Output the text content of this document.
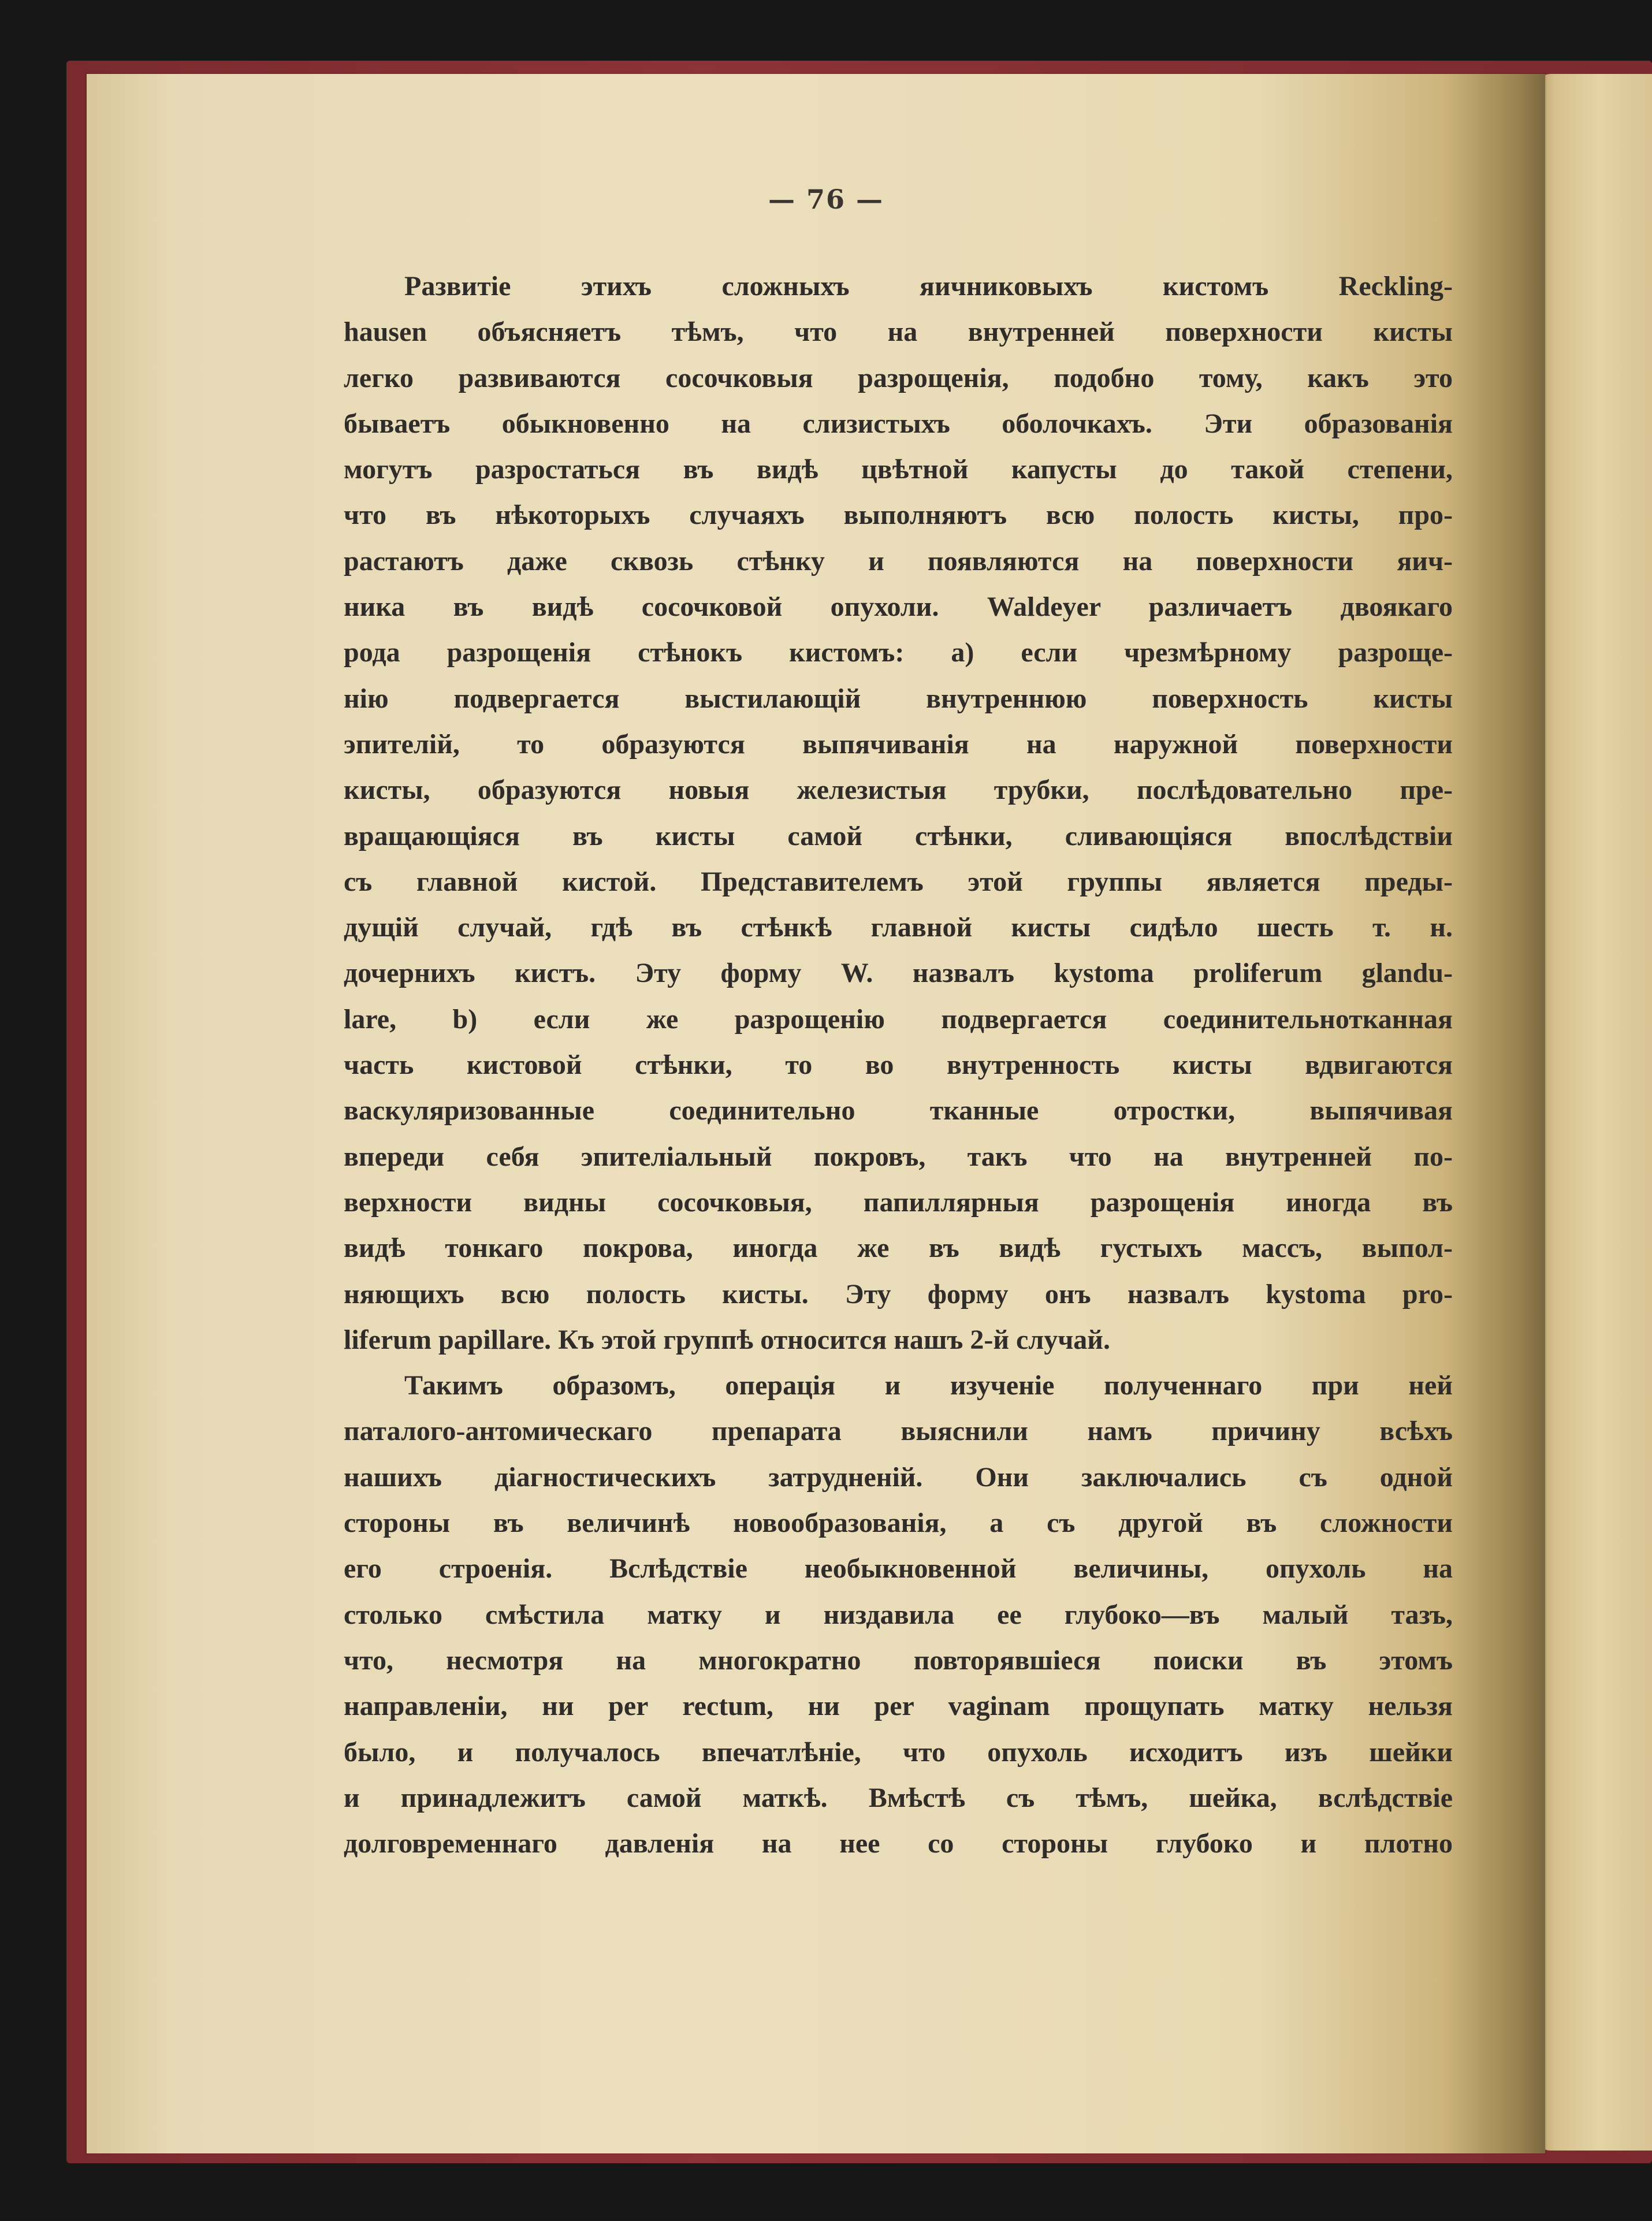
— 76 —
Развитіе этихъ сложныхъ яичниковыхъ кистомъ Reckling-
hausen объясняетъ тѣмъ, что на внутренней поверхности кисты
легко развиваются сосочковыя разрощенія, подобно тому, какъ это
бываетъ обыкновенно на слизистыхъ оболочкахъ. Эти образованія
могутъ разростаться въ видѣ цвѣтной капусты до такой степени,
что въ нѣкоторыхъ случаяхъ выполняютъ всю полость кисты, про-
растаютъ даже сквозь стѣнку и появляются на поверхности яич-
ника въ видѣ сосочковой опухоли. Waldeyer различаетъ двоякаго
рода разрощенія стѣнокъ кистомъ: а) если чрезмѣрному разроще-
нію подвергается выстилающій внутреннюю поверхность кисты
эпителій, то образуются выпячиванія на наружной поверхности
кисты, образуются новыя железистыя трубки, послѣдовательно пре-
вращающіяся въ кисты самой стѣнки, сливающіяся впослѣдствіи
съ главной кистой. Представителемъ этой группы является преды-
дущій случай, гдѣ въ стѣнкѣ главной кисты сидѣло шесть т. н.
дочернихъ кистъ. Эту форму W. назвалъ kystoma proliferum glandu-
lare, b) если же разрощенію подвергается соединительнотканная
часть кистовой стѣнки, то во внутренность кисты вдвигаются
васкуляризованные соединительно тканные отростки, выпячивая
впереди себя эпителіальный покровъ, такъ что на внутренней по-
верхности видны сосочковыя, папиллярныя разрощенія иногда въ
видѣ тонкаго покрова, иногда же въ видѣ густыхъ массъ, выпол-
няющихъ всю полость кисты. Эту форму онъ назвалъ kystoma pro-
liferum papillare. Къ этой группѣ относится нашъ 2-й случай.
Такимъ образомъ, операція и изученіе полученнаго при ней
паталого-антомическаго препарата выяснили намъ причину всѣхъ
нашихъ діагностическихъ затрудненій. Они заключались съ одной
стороны въ величинѣ новообразованія, а съ другой въ сложности
его строенія. Вслѣдствіе необыкновенной величины, опухоль на
столько смѣстила матку и низдавила ее глубоко—въ малый тазъ,
что, несмотря на многократно повторявшіеся поиски въ этомъ
направленіи, ни per rectum, ни per vaginam прощупать матку нельзя
было, и получалось впечатлѣніе, что опухоль исходитъ изъ шейки
и принадлежитъ самой маткѣ. Вмѣстѣ съ тѣмъ, шейка, вслѣдствіе
долговременнаго давленія на нее со стороны глубоко и плотно
